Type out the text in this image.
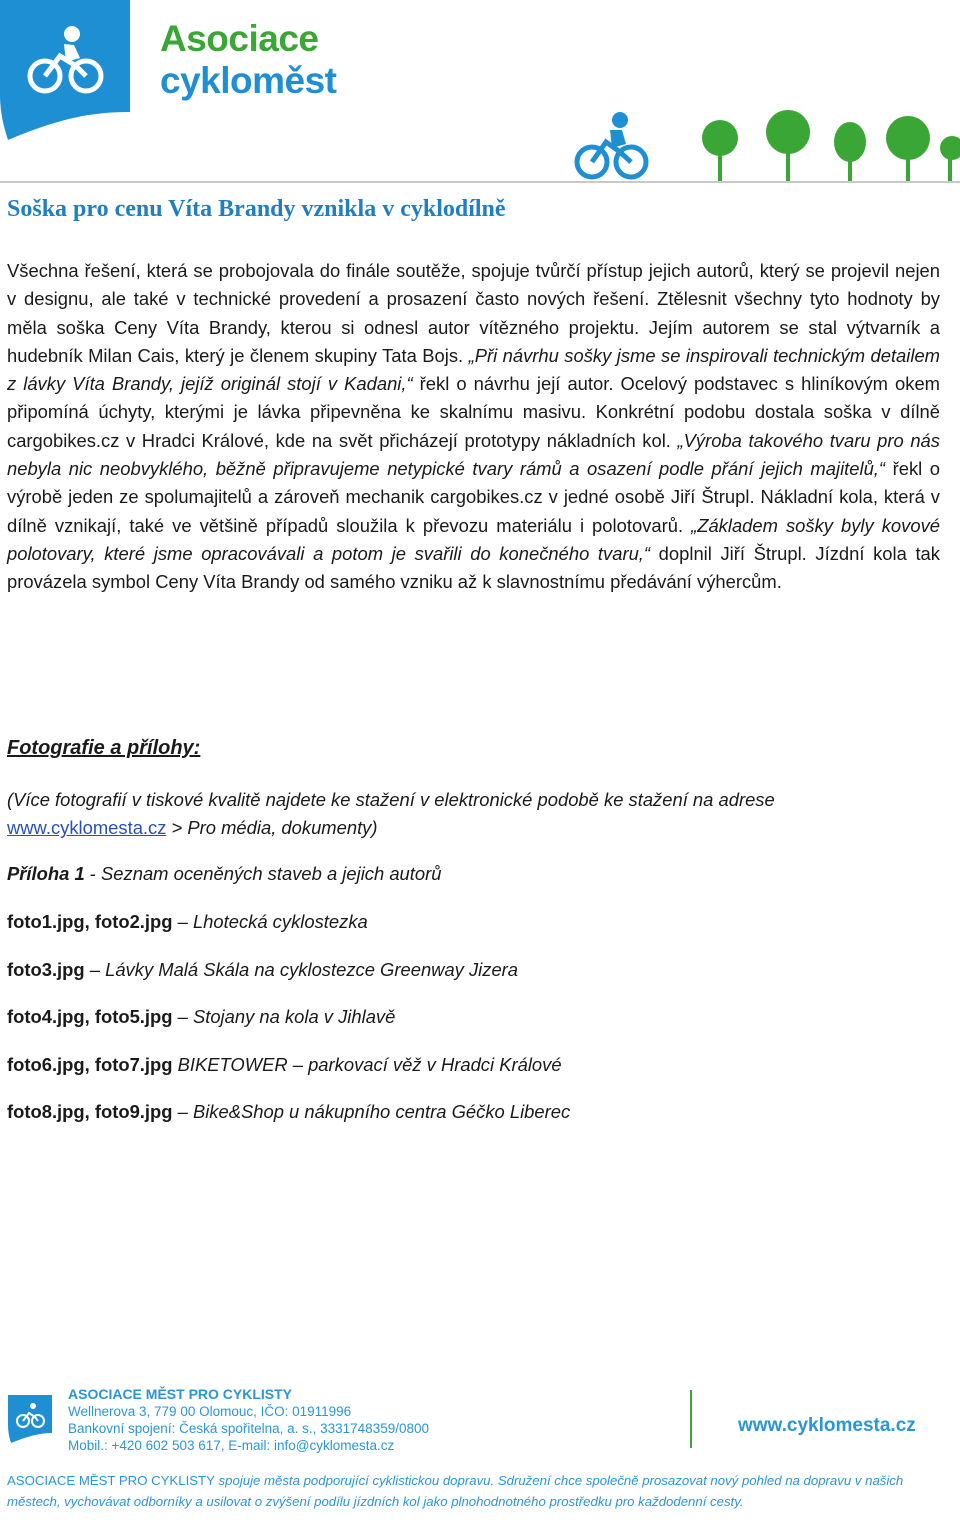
Asociace
cykloměst
Soška pro cenu Víta Brandy vznikla v cyklodílně

Všechna řešení, která se probojovala do finále soutěže, spojuje tvůrčí přístup jejich autorů, který se projevil nejen v designu, ale také v technické provedení a prosazení často nových řešení. Ztělesnit všechny tyto hodnoty by měla soška Ceny Víta Brandy, kterou si odnesl autor vítězného projektu. Jejím autorem se stal výtvarník a hudebník Milan Cais, který je členem skupiny Tata Bojs. „Při návrhu sošky jsme se inspirovali technickým detailem z lávky Víta Brandy, jejíž originál stojí v Kadani,“ řekl o návrhu její autor. Ocelový podstavec s hliníkovým okem připomíná úchyty, kterými je lávka připevněna ke skalnímu masivu. Konkrétní podobu dostala soška v dílně cargobikes.cz v Hradci Králové, kde na svět přicházejí prototypy nákladních kol. „Výroba takového tvaru pro nás nebyla nic neobvyklého, běžně připravujeme netypické tvary rámů a osazení podle přání jejich majitelů,“ řekl o výrobě jeden ze spolumajitelů a zároveň mechanik cargobikes.cz v jedné osobě Jiří Štrupl. Nákladní kola, která v dílně vznikají, také ve většině případů sloužila k převozu materiálu i polotovarů. „Základem sošky byly kovové polotovary, které jsme opracovávali a potom je svařili do konečného tvaru,“ doplnil Jiří Štrupl. Jízdní kola tak provázela symbol Ceny Víta Brandy od samého vzniku až k slavnostnímu předávání výhercům.

Fotografie a přílohy:
(Více fotografií v tiskové kvalitě najdete ke stažení v elektronické podobě ke stažení na adrese
www.cyklomesta.cz > Pro média, dokumenty)
Příloha 1 - Seznam oceněných staveb a jejich autorů
foto1.jpg, foto2.jpg – Lhotecká cyklostezka
foto3.jpg – Lávky Malá Skála na cyklostezce Greenway Jizera
foto4.jpg, foto5.jpg – Stojany na kola v Jihlavě
foto6.jpg, foto7.jpg BIKETOWER – parkovací věž v Hradci Králové
foto8.jpg, foto9.jpg – Bike&Shop u nákupního centra Géčko Liberec
ASOCIACE MĚST PRO CYKLISTY
Wellnerova 3, 779 00 Olomouc, IČO: 01911996
Bankovní spojení: Česká spořitelna, a. s., 3331748359/0800
Mobil.: +420 602 503 617, E-mail: info@cyklomesta.cz
www.cyklomesta.cz
ASOCIACE MĚST PRO CYKLISTY spojuje města podporující cyklistickou dopravu. Sdružení chce společně prosazovat nový pohled na dopravu v našich městech, vychovávat odborníky a usilovat o zvýšení podílu jízdních kol jako plnohodnotného prostředku pro každodenní cesty.
